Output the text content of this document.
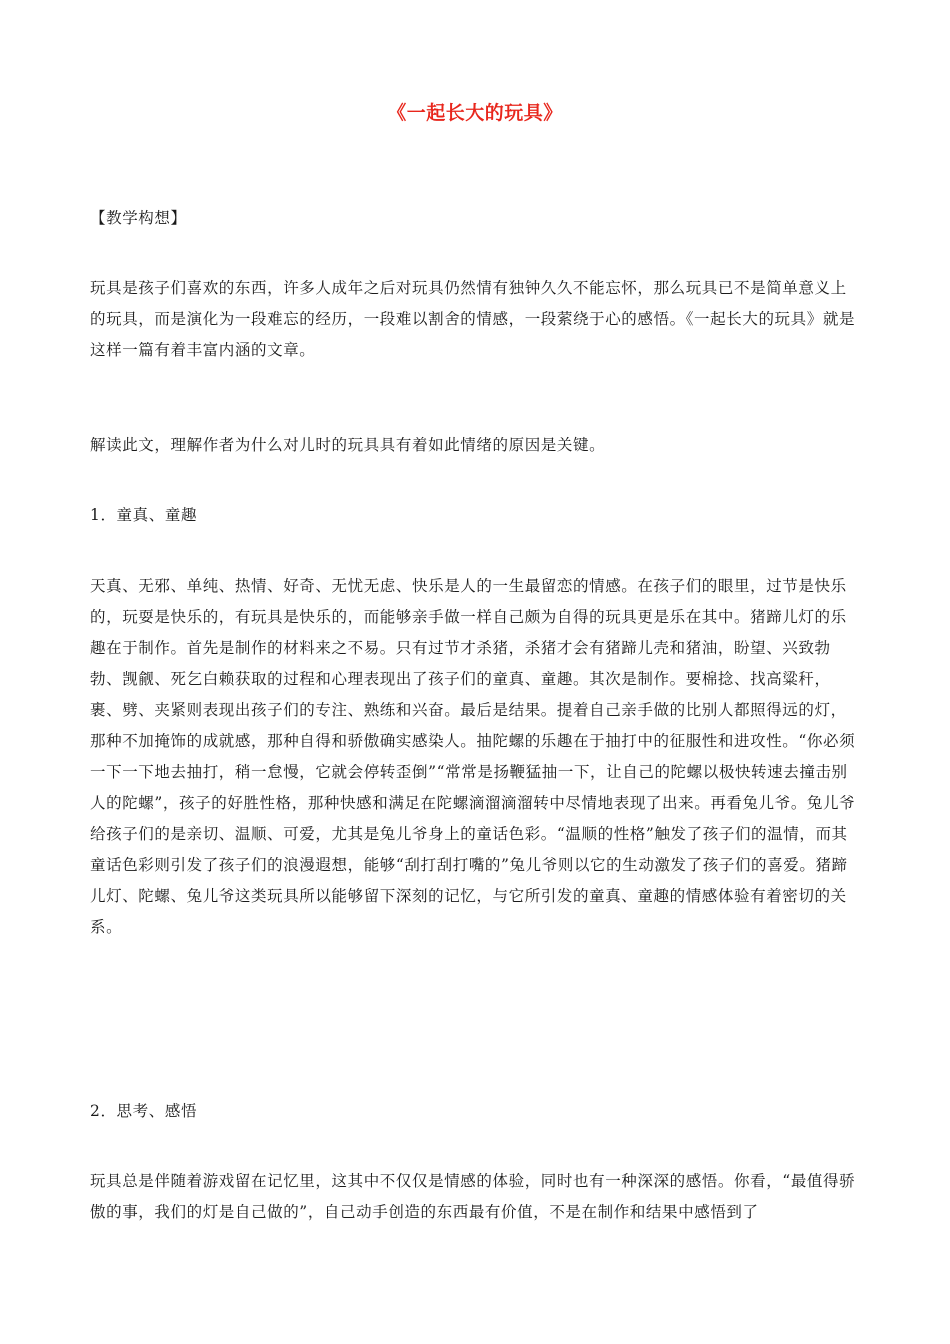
《一起长大的玩具》
【教学构想】
玩具是孩子们喜欢的东西，许多人成年之后对玩具仍然情有独钟久久不能忘怀，那么玩具已不是简单意义上的玩具，而是演化为一段难忘的经历，一段难以割舍的情感，一段萦绕于心的感悟。《一起长大的玩具》就是这样一篇有着丰富内涵的文章。
解读此文，理解作者为什么对儿时的玩具具有着如此情绪的原因是关键。
1．童真、童趣
天真、无邪、单纯、热情、好奇、无忧无虑、快乐是人的一生最留恋的情感。在孩子们的眼里，过节是快乐的，玩耍是快乐的，有玩具是快乐的，而能够亲手做一样自己颇为自得的玩具更是乐在其中。猪蹄儿灯的乐趣在于制作。首先是制作的材料来之不易。只有过节才杀猪，杀猪才会有猪蹄儿壳和猪油，盼望、兴致勃勃、觊觎、死乞白赖获取的过程和心理表现出了孩子们的童真、童趣。其次是制作。要棉捻、找高粱秆，裹、劈、夹紧则表现出孩子们的专注、熟练和兴奋。最后是结果。提着自己亲手做的比别人都照得远的灯，那种不加掩饰的成就感，那种自得和骄傲确实感染人。抽陀螺的乐趣在于抽打中的征服性和进攻性。“你必须一下一下地去抽打，稍一怠慢，它就会停转歪倒”“常常是扬鞭猛抽一下，让自己的陀螺以极快转速去撞击别人的陀螺”，孩子的好胜性格，那种快感和满足在陀螺滴溜滴溜转中尽情地表现了出来。再看兔儿爷。兔儿爷给孩子们的是亲切、温顺、可爱，尤其是兔儿爷身上的童话色彩。“温顺的性格”触发了孩子们的温情，而其童话色彩则引发了孩子们的浪漫遐想，能够“刮打刮打嘴的”兔儿爷则以它的生动激发了孩子们的喜爱。猪蹄儿灯、陀螺、兔儿爷这类玩具所以能够留下深刻的记忆，与它所引发的童真、童趣的情感体验有着密切的关系。
2．思考、感悟
玩具总是伴随着游戏留在记忆里，这其中不仅仅是情感的体验，同时也有一种深深的感悟。你看，“最值得骄傲的事，我们的灯是自己做的”，自己动手创造的东西最有价值，不是在制作和结果中感悟到了
